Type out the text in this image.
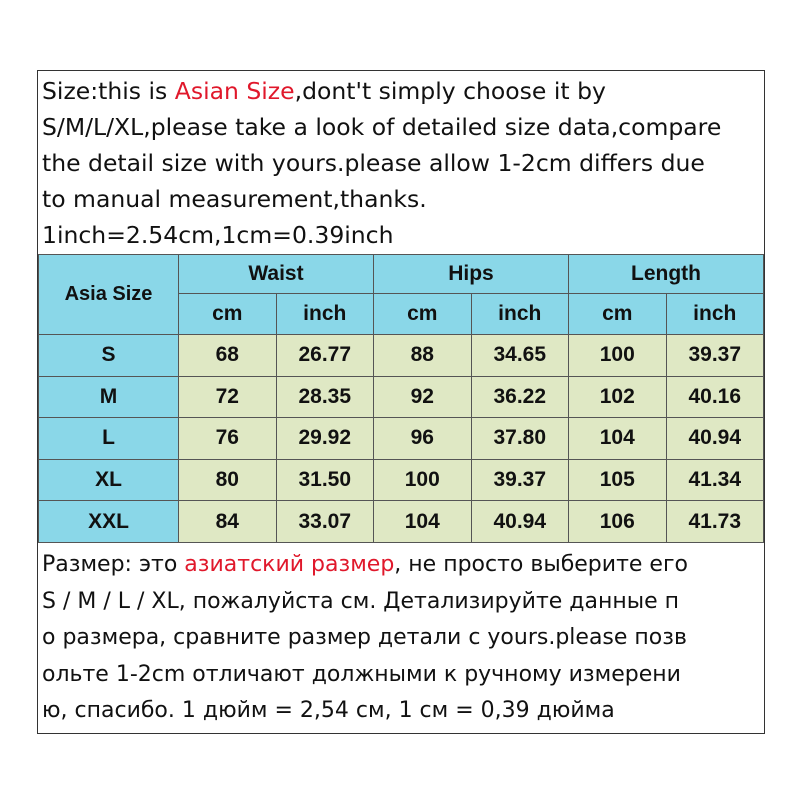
Size:this is Asian Size,dont't simply choose it by
S/M/L/XL,please take a look of detailed size data,compare
the detail size with yours.please allow 1-2cm differs due
to manual measurement,thanks.
1inch=2.54cm,1cm=0.39inch
Asia Size	Waist		Hips		Length	
	cm	inch	cm	inch	cm	inch
S	68	26.77	88	34.65	100	39.37
M	72	28.35	92	36.22	102	40.16
L	76	29.92	96	37.80	104	40.94
XL	80	31.50	100	39.37	105	41.34
XXL	84	33.07	104	40.94	106	41.73
Размер: это азиатский размер, не просто выберите его
S / M / L / XL, пожалуйста см. Детализируйте данные п
о размера, сравните размер детали с yours.please позв
ольте 1-2cm отличают должными к ручному измерени
ю, спасибо. 1 дюйм = 2,54 см, 1 см = 0,39 дюйма
